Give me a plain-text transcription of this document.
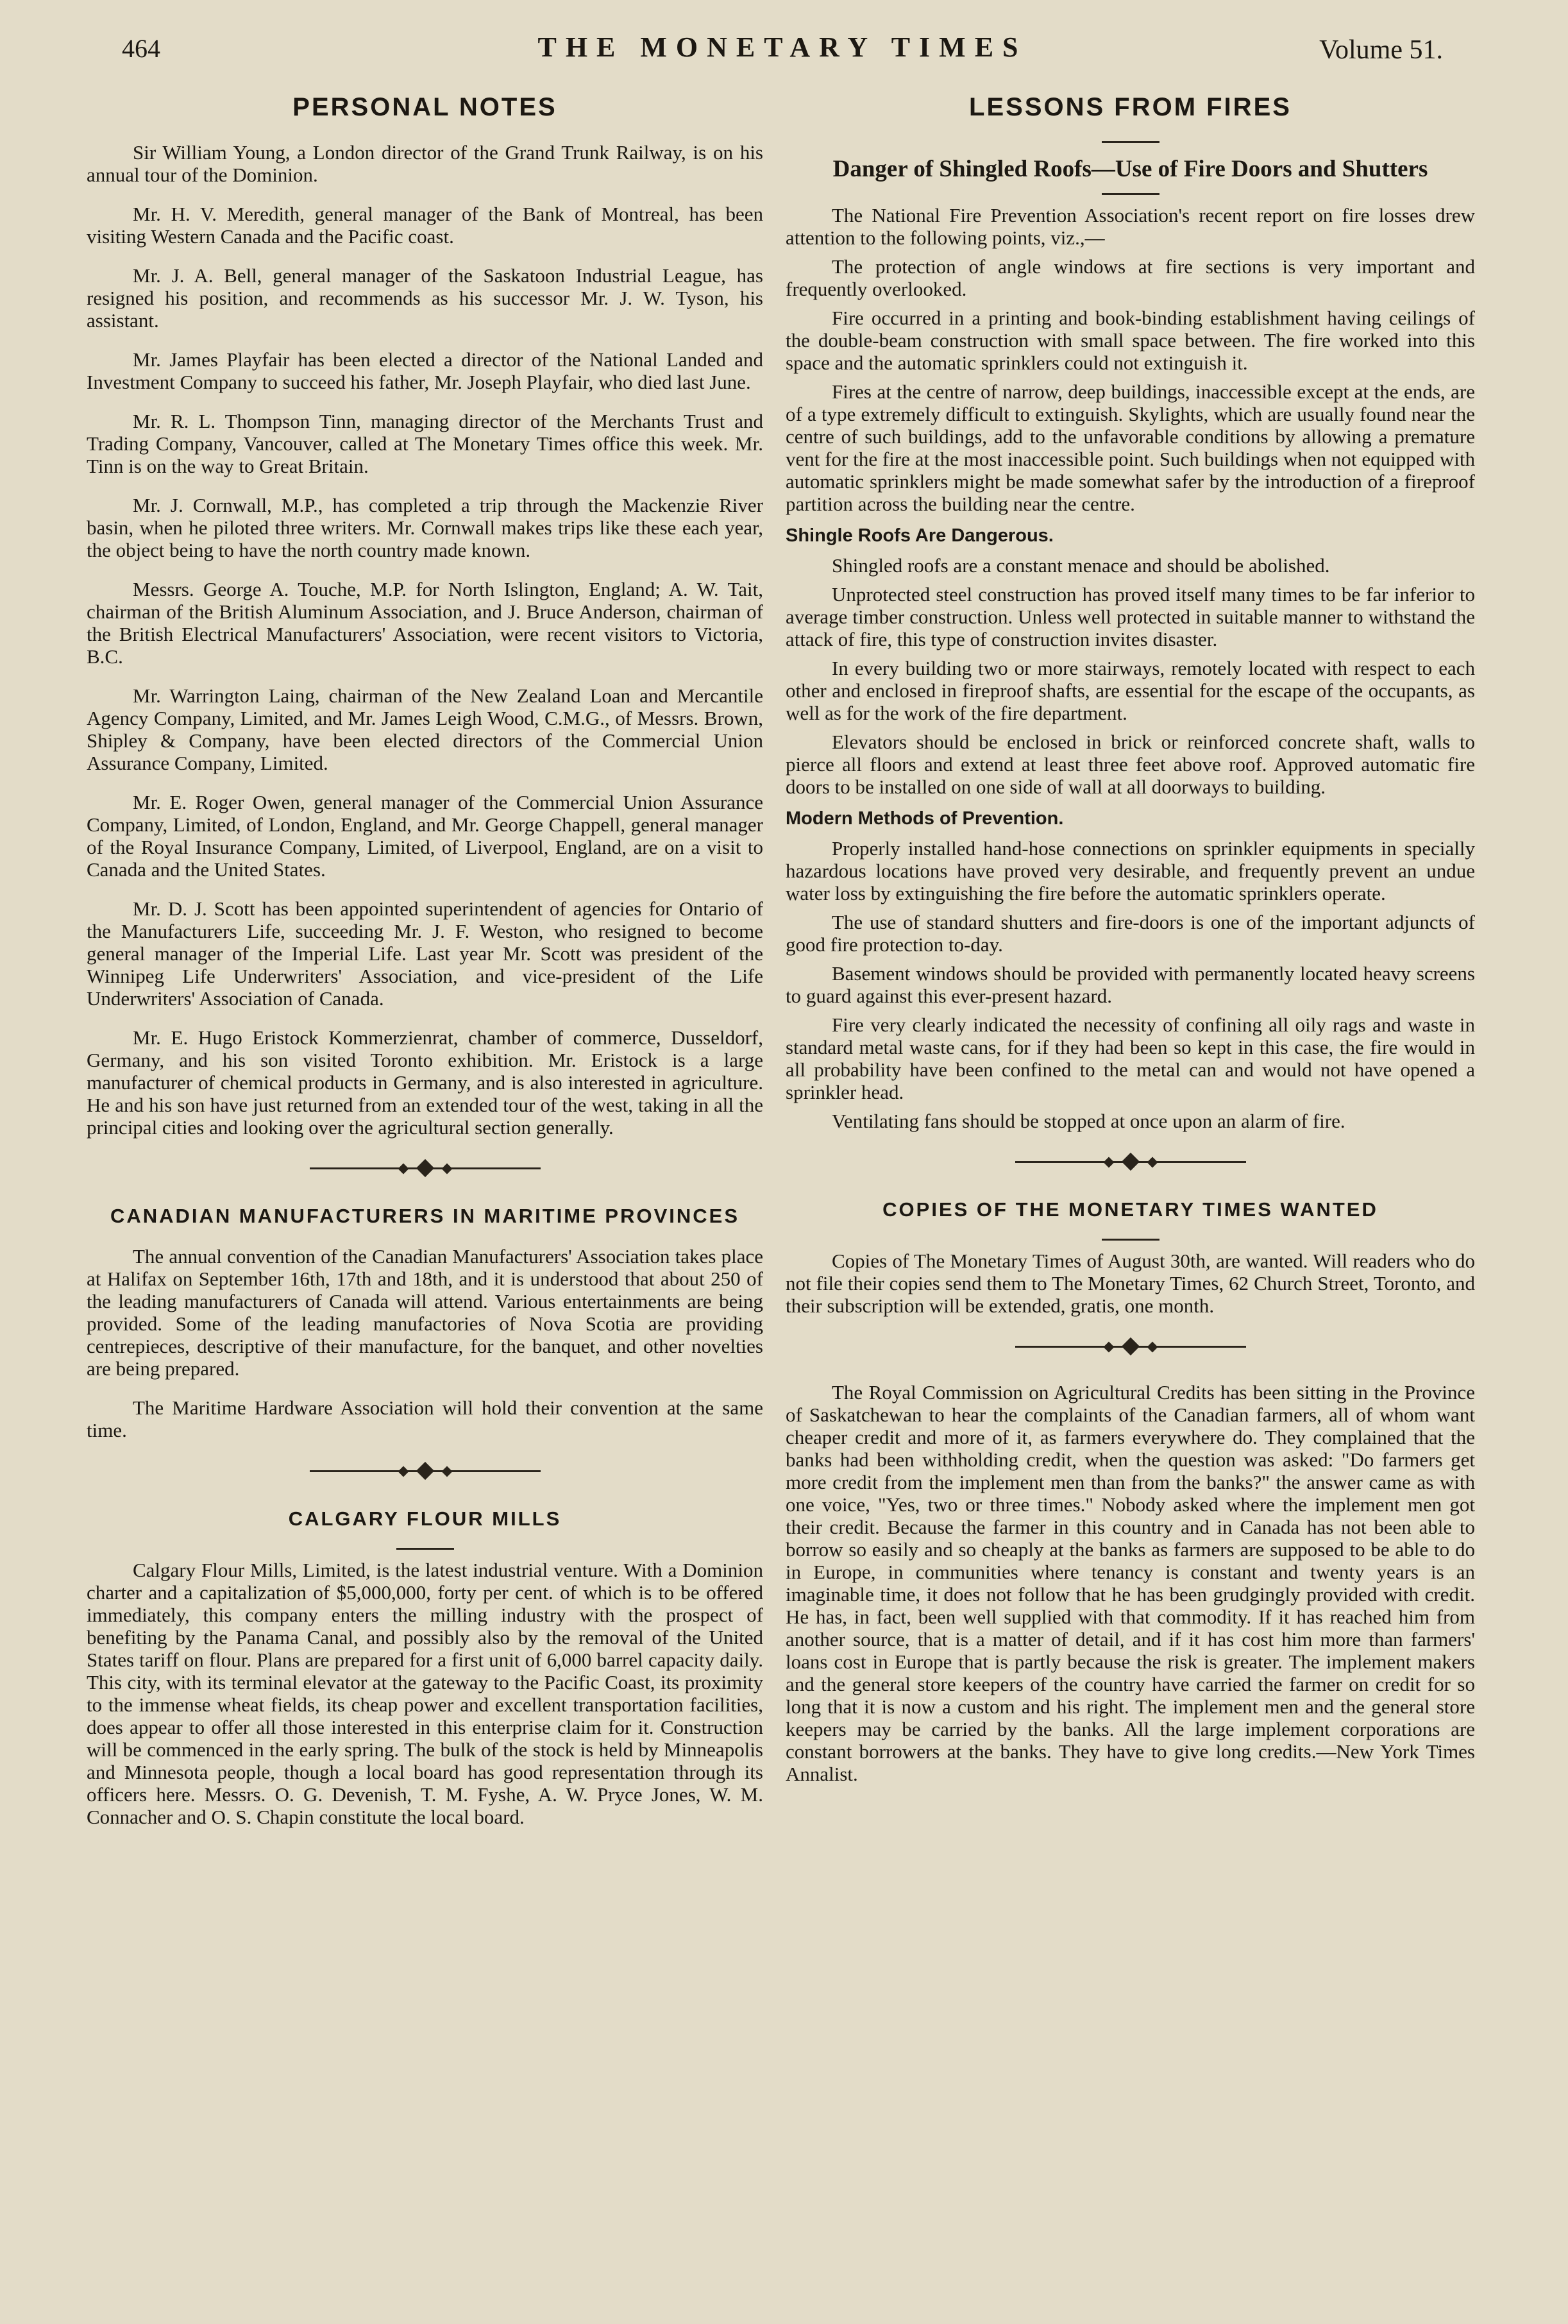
464	THE MONETARY TIMES	Volume 51.
PERSONAL NOTES

Sir William Young, a London director of the Grand Trunk Railway, is on his annual tour of the Dominion.

Mr. H. V. Meredith, general manager of the Bank of Montreal, has been visiting Western Canada and the Pacific coast.

Mr. J. A. Bell, general manager of the Saskatoon Industrial League, has resigned his position, and recommends as his successor Mr. J. W. Tyson, his assistant.

Mr. James Playfair has been elected a director of the National Landed and Investment Company to succeed his father, Mr. Joseph Playfair, who died last June.

Mr. R. L. Thompson Tinn, managing director of the Merchants Trust and Trading Company, Vancouver, called at The Monetary Times office this week. Mr. Tinn is on the way to Great Britain.

Mr. J. Cornwall, M.P., has completed a trip through the Mackenzie River basin, when he piloted three writers. Mr. Cornwall makes trips like these each year, the object being to have the north country made known.

Messrs. George A. Touche, M.P. for North Islington, England; A. W. Tait, chairman of the British Aluminum Association, and J. Bruce Anderson, chairman of the British Electrical Manufacturers' Association, were recent visitors to Victoria, B.C.

Mr. Warrington Laing, chairman of the New Zealand Loan and Mercantile Agency Company, Limited, and Mr. James Leigh Wood, C.M.G., of Messrs. Brown, Shipley & Company, have been elected directors of the Commercial Union Assurance Company, Limited.

Mr. E. Roger Owen, general manager of the Commercial Union Assurance Company, Limited, of London, England, and Mr. George Chappell, general manager of the Royal Insurance Company, Limited, of Liverpool, England, are on a visit to Canada and the United States.

Mr. D. J. Scott has been appointed superintendent of agencies for Ontario of the Manufacturers Life, succeeding Mr. J. F. Weston, who resigned to become general manager of the Imperial Life. Last year Mr. Scott was president of the Winnipeg Life Underwriters' Association, and vice-president of the Life Underwriters' Association of Canada.

Mr. E. Hugo Eristock Kommerzienrat, chamber of commerce, Dusseldorf, Germany, and his son visited Toronto exhibition. Mr. Eristock is a large manufacturer of chemical products in Germany, and is also interested in agriculture. He and his son have just returned from an extended tour of the west, taking in all the principal cities and looking over the agricultural section generally.

CANADIAN MANUFACTURERS IN MARITIME PROVINCES

The annual convention of the Canadian Manufacturers' Association takes place at Halifax on September 16th, 17th and 18th, and it is understood that about 250 of the leading manufacturers of Canada will attend. Various entertainments are being provided. Some of the leading manufactories of Nova Scotia are providing centrepieces, descriptive of their manufacture, for the banquet, and other novelties are being prepared.

The Maritime Hardware Association will hold their convention at the same time.

CALGARY FLOUR MILLS

Calgary Flour Mills, Limited, is the latest industrial venture. With a Dominion charter and a capitalization of $5,000,000, forty per cent. of which is to be offered immediately, this company enters the milling industry with the prospect of benefiting by the Panama Canal, and possibly also by the removal of the United States tariff on flour. Plans are prepared for a first unit of 6,000 barrel capacity daily. This city, with its terminal elevator at the gateway to the Pacific Coast, its proximity to the immense wheat fields, its cheap power and excellent transportation facilities, does appear to offer all those interested in this enterprise claim for it. Construction will be commenced in the early spring. The bulk of the stock is held by Minneapolis and Minnesota people, though a local board has good representation through its officers here. Messrs. O. G. Devenish, T. M. Fyshe, A. W. Pryce Jones, W. M. Connacher and O. S. Chapin constitute the local board.

LESSONS FROM FIRES
Danger of Shingled Roofs—Use of Fire Doors and Shutters

The National Fire Prevention Association's recent report on fire losses drew attention to the following points, viz.,—

The protection of angle windows at fire sections is very important and frequently overlooked.

Fire occurred in a printing and book-binding establishment having ceilings of the double-beam construction with small space between. The fire worked into this space and the automatic sprinklers could not extinguish it.

Fires at the centre of narrow, deep buildings, inaccessible except at the ends, are of a type extremely difficult to extinguish. Skylights, which are usually found near the centre of such buildings, add to the unfavorable conditions by allowing a premature vent for the fire at the most inaccessible point. Such buildings when not equipped with automatic sprinklers might be made somewhat safer by the introduction of a fireproof partition across the building near the centre.

Shingle Roofs Are Dangerous.

Shingled roofs are a constant menace and should be abolished.

Unprotected steel construction has proved itself many times to be far inferior to average timber construction. Unless well protected in suitable manner to withstand the attack of fire, this type of construction invites disaster.

In every building two or more stairways, remotely located with respect to each other and enclosed in fireproof shafts, are essential for the escape of the occupants, as well as for the work of the fire department.

Elevators should be enclosed in brick or reinforced concrete shaft, walls to pierce all floors and extend at least three feet above roof. Approved automatic fire doors to be installed on one side of wall at all doorways to building.

Modern Methods of Prevention.

Properly installed hand-hose connections on sprinkler equipments in specially hazardous locations have proved very desirable, and frequently prevent an undue water loss by extinguishing the fire before the automatic sprinklers operate.

The use of standard shutters and fire-doors is one of the important adjuncts of good fire protection to-day.

Basement windows should be provided with permanently located heavy screens to guard against this ever-present hazard.

Fire very clearly indicated the necessity of confining all oily rags and waste in standard metal waste cans, for if they had been so kept in this case, the fire would in all probability have been confined to the metal can and would not have opened a sprinkler head.

Ventilating fans should be stopped at once upon an alarm of fire.

COPIES OF THE MONETARY TIMES WANTED

Copies of The Monetary Times of August 30th, are wanted. Will readers who do not file their copies send them to The Monetary Times, 62 Church Street, Toronto, and their subscription will be extended, gratis, one month.

The Royal Commission on Agricultural Credits has been sitting in the Province of Saskatchewan to hear the complaints of the Canadian farmers, all of whom want cheaper credit and more of it, as farmers everywhere do. They complained that the banks had been withholding credit, when the question was asked: "Do farmers get more credit from the implement men than from the banks?" the answer came as with one voice, "Yes, two or three times." Nobody asked where the implement men got their credit. Because the farmer in this country and in Canada has not been able to borrow so easily and so cheaply at the banks as farmers are supposed to be able to do in Europe, in communities where tenancy is constant and twenty years is an imaginable time, it does not follow that he has been grudgingly provided with credit. He has, in fact, been well supplied with that commodity. If it has reached him from another source, that is a matter of detail, and if it has cost him more than farmers' loans cost in Europe that is partly because the risk is greater. The implement makers and the general store keepers of the country have carried the farmer on credit for so long that it is now a custom and his right. The implement men and the general store keepers may be carried by the banks. All the large implement corporations are constant borrowers at the banks. They have to give long credits.—New York Times Annalist.
